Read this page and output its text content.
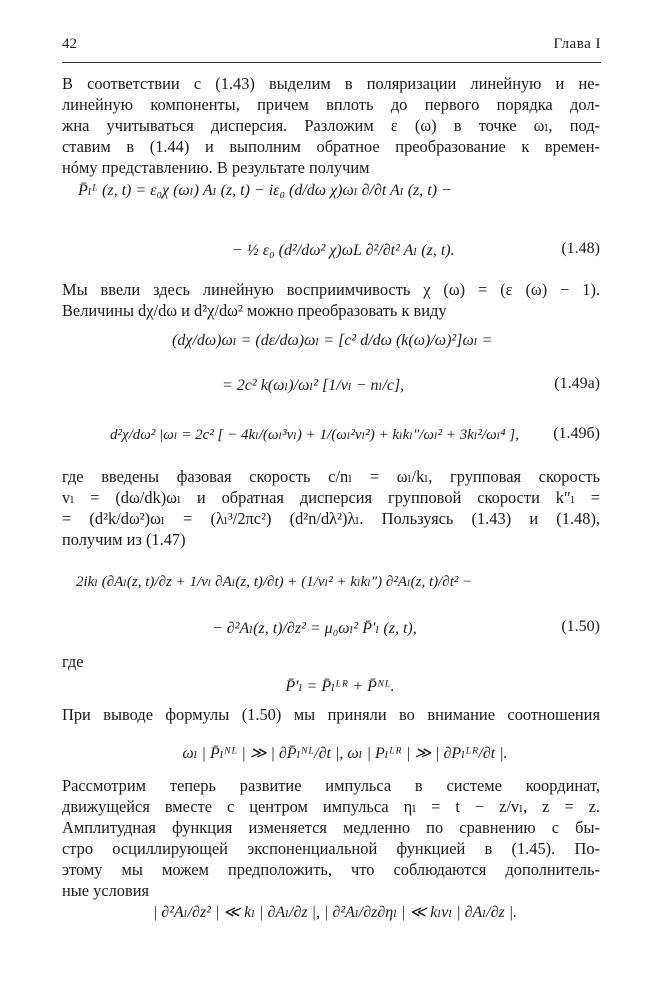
42	Глава I
В соответствии с (1.43) выделим в поляризации линейную и не-
линейную компоненты, причем вплоть до первого порядка дол-
жна учитываться дисперсия. Разложим ε (ω) в точке ωₗ, под-
ставим в (1.44) и выполним обратное преобразование к времен-
нóму представлению. В результате получим
P̄ₗᴸ (z, t) = ε₀χ (ωₗ) Aₗ (z, t) − iε₀ (d/dω χ)ωₗ ∂/∂t Aₗ (z, t) −
− ½ ε₀ (d²/dω² χ)ωL ∂²/∂t² Aₗ (z, t).	(1.48)
Мы ввели здесь линейную восприимчивость χ (ω) = (ε (ω) − 1).
Величины dχ/dω и d²χ/dω² можно преобразовать к виду
(dχ/dω)ωₗ = (dε/dω)ωₗ = [c² d/dω (k(ω)/ω)²]ωₗ =
= 2c² k(ωₗ)/ωₗ² [1/vₗ − nₗ/c],	(1.49a)
d²χ/dω² |ωₗ = 2c² [ − 4kₗ/(ωₗ³vₗ) + 1/(ωₗ²vₗ²) + kₗkₗ″/ωₗ² + 3kₗ²/ωₗ⁴ ], (1.49б)
где введены фазовая скорость c/nₗ = ωₗ/kₗ, групповая скорость
vₗ = (dω/dk)ωₗ и обратная дисперсия групповой скорости k″ₗ =
= (d²k/dω²)ωₗ = (λₗ³/2πc²) (d²n/dλ²)λₗ. Пользуясь (1.43) и (1.48),
получим из (1.47)
2ikₗ (∂Aₗ(z, t)/∂z + 1/vₗ ∂Aₗ(z, t)/∂t) + (1/vₗ² + kₗkₗ″) ∂²Aₗ(z, t)/∂t² −
− ∂²Aₗ(z, t)/∂z² = μ₀ωₗ² P̄′ₗ (z, t),	(1.50)
где
P̄′ₗ = P̄ₗᴸᴿ + P̄ᴺᴸ.
При выводе формулы (1.50) мы приняли во внимание соотношения
ωₗ | P̄ₗᴺᴸ | ≫ | ∂P̄ₗᴺᴸ/∂t |, ωₗ | Pₗᴸᴿ | ≫ | ∂Pₗᴸᴿ/∂t |.
Рассмотрим теперь развитие импульса в системе координат,
движущейся вместе с центром импульса ηₗ = t − z/vₗ, z = z.
Амплитудная функция изменяется медленно по сравнению с бы-
стро осциллирующей экспоненциальной функцией в (1.45). По-
этому мы можем предположить, что соблюдаются дополнитель-
ные условия
| ∂²Aₗ/∂z² | ≪ kₗ | ∂Aₗ/∂z |, | ∂²Aₗ/∂z∂ηₗ | ≪ kₗvₗ | ∂Aₗ/∂z |.
